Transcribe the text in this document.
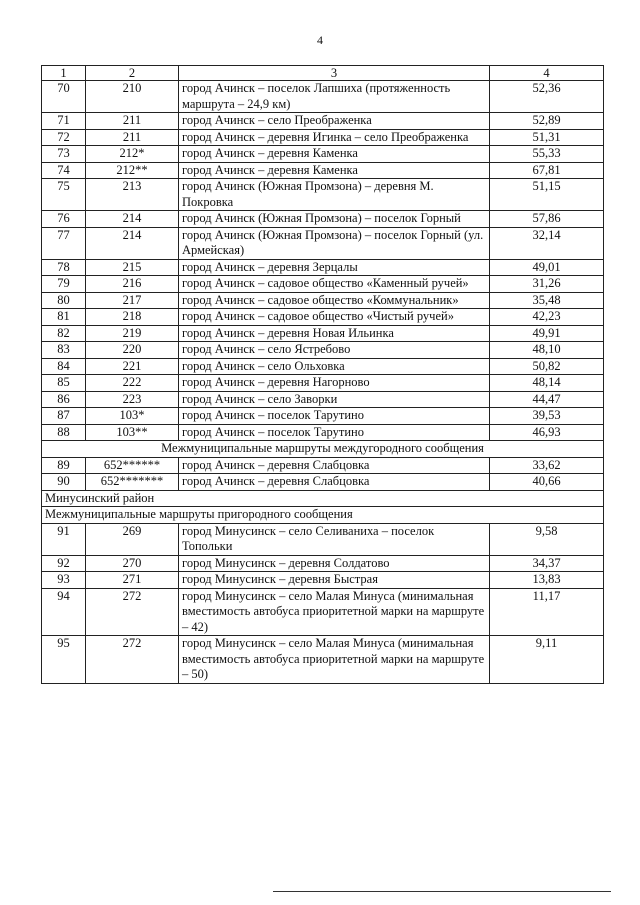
4
1	2	3	4
70	210	город Ачинск – поселок Лапшиха (протяженность маршрута – 24,9 км)	52,36
71	211	город Ачинск – село Преображенка	52,89
72	211	город Ачинск – деревня Игинка – село Преображенка	51,31
73	212*	город Ачинск – деревня Каменка	55,33
74	212**	город Ачинск – деревня Каменка	67,81
75	213	город Ачинск (Южная Промзона) – деревня М. Покровка	51,15
76	214	город Ачинск (Южная Промзона) – поселок Горный	57,86
77	214	город Ачинск (Южная Промзона) – поселок Горный (ул. Армейская)	32,14
78	215	город Ачинск – деревня Зерцалы	49,01
79	216	город Ачинск – садовое общество «Каменный ручей»	31,26
80	217	город Ачинск – садовое общество «Коммунальник»	35,48
81	218	город Ачинск – садовое общество «Чистый ручей»	42,23
82	219	город Ачинск – деревня Новая Ильинка	49,91
83	220	город Ачинск – село Ястребово	48,10
84	221	город Ачинск – село Ольховка	50,82
85	222	город Ачинск – деревня Нагорново	48,14
86	223	город Ачинск – село Заворки	44,47
87	103*	город Ачинск – поселок Тарутино	39,53
88	103**	город Ачинск – поселок Тарутино	46,93
Межмуниципальные маршруты междугородного сообщения			
89	652******	город Ачинск – деревня Слабцовка	33,62
90	652*******	город Ачинск – деревня Слабцовка	40,66
Минусинский район			
Межмуниципальные маршруты пригородного сообщения			
91	269	город Минусинск – село Селиваниха – поселок Топольки	9,58
92	270	город Минусинск – деревня Солдатово	34,37
93	271	город Минусинск – деревня Быстрая	13,83
94	272	город Минусинск – село Малая Минуса (минимальная вместимость автобуса приоритетной марки на маршруте – 42)	11,17
95	272	город Минусинск – село Малая Минуса (минимальная вместимость автобуса приоритетной марки на маршруте – 50)	9,11
